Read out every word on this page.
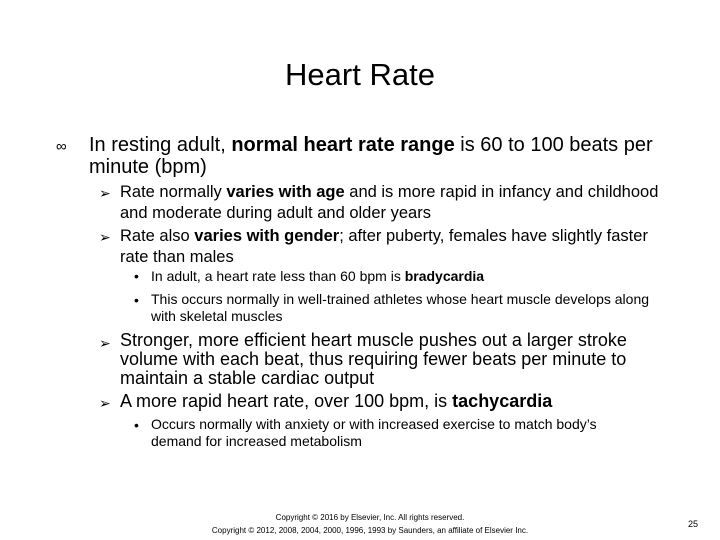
Heart Rate
∞ In resting adult, normal heart rate range is 60 to 100 beats per minute (bpm)
➢ Rate normally varies with age and is more rapid in infancy and childhood and moderate during adult and older years
➢ Rate also varies with gender; after puberty, females have slightly faster rate than males
• In adult, a heart rate less than 60 bpm is bradycardia
• This occurs normally in well-trained athletes whose heart muscle develops along with skeletal muscles
➢ Stronger, more efficient heart muscle pushes out a larger stroke volume with each beat, thus requiring fewer beats per minute to maintain a stable cardiac output
➢ A more rapid heart rate, over 100 bpm, is tachycardia
• Occurs normally with anxiety or with increased exercise to match body’s demand for increased metabolism
Copyright © 2016 by Elsevier, Inc. All rights reserved.
Copyright © 2012, 2008, 2004, 2000, 1996, 1993 by Saunders, an affiliate of Elsevier Inc.
25
